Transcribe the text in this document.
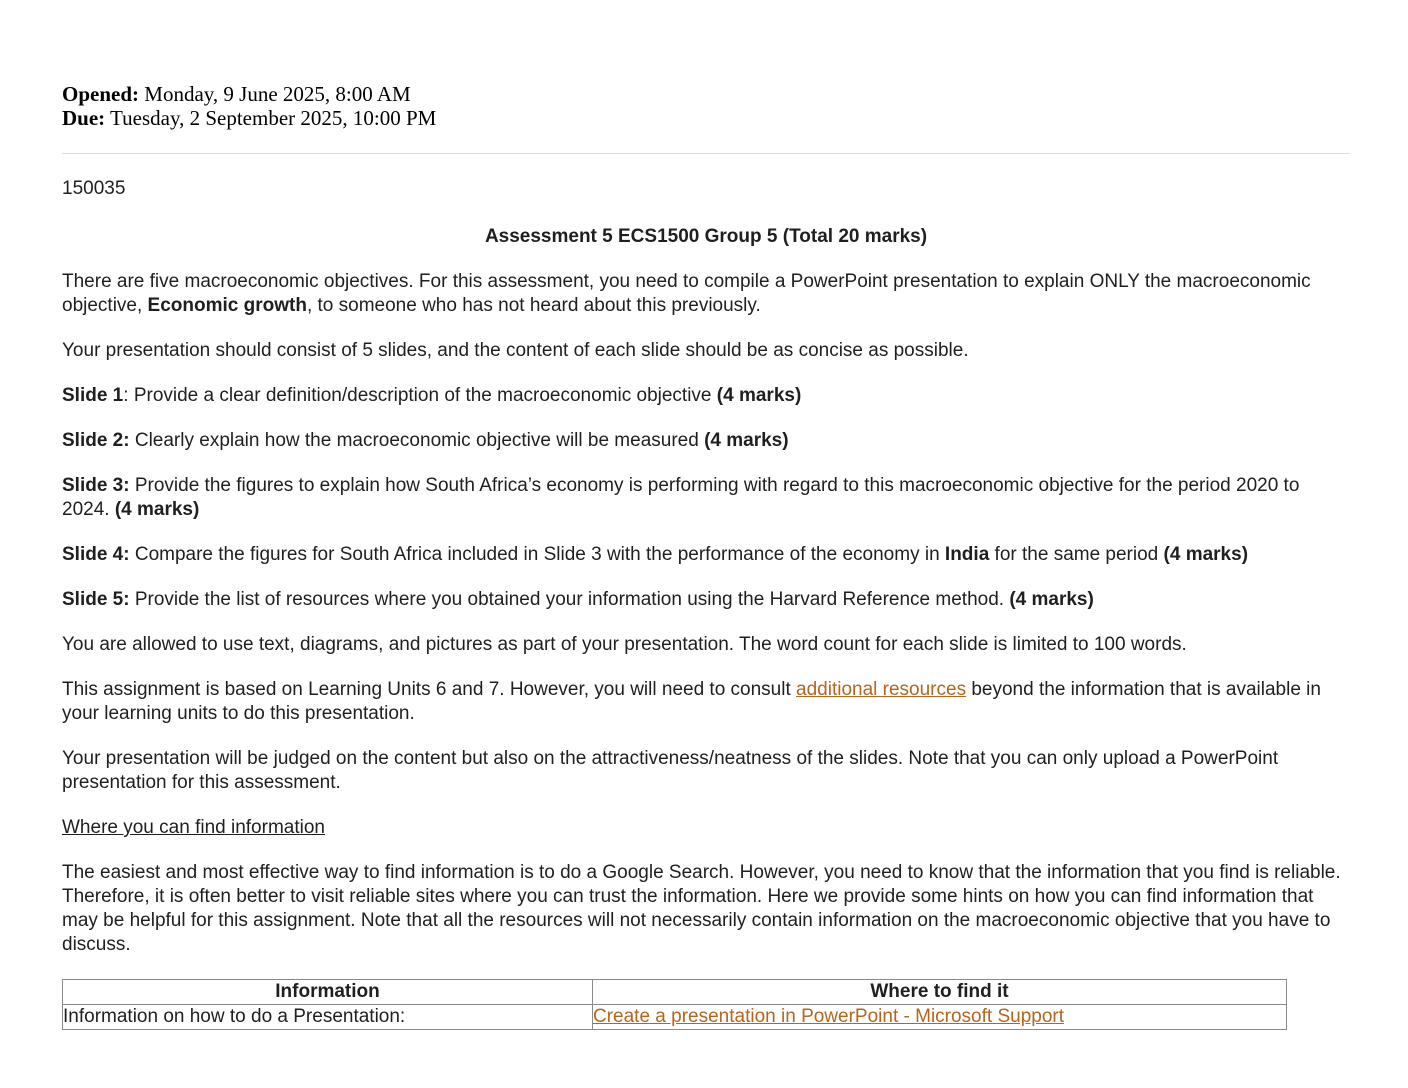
Opened: Monday, 9 June 2025, 8:00 AM
Due: Tuesday, 2 September 2025, 10:00 PM

150035

Assessment 5 ECS1500 Group 5 (Total 20 marks)

There are five macroeconomic objectives. For this assessment, you need to compile a PowerPoint presentation to explain ONLY the macroeconomic objective, Economic growth, to someone who has not heard about this previously.

Your presentation should consist of 5 slides, and the content of each slide should be as concise as possible.

Slide 1: Provide a clear definition/description of the macroeconomic objective (4 marks)

Slide 2: Clearly explain how the macroeconomic objective will be measured (4 marks)

Slide 3: Provide the figures to explain how South Africa’s economy is performing with regard to this macroeconomic objective for the period 2020 to 2024. (4 marks)

Slide 4: Compare the figures for South Africa included in Slide 3 with the performance of the economy in India for the same period (4 marks)

Slide 5: Provide the list of resources where you obtained your information using the Harvard Reference method. (4 marks)

You are allowed to use text, diagrams, and pictures as part of your presentation. The word count for each slide is limited to 100 words.

This assignment is based on Learning Units 6 and 7. However, you will need to consult additional resources beyond the information that is available in your learning units to do this presentation.

Your presentation will be judged on the content but also on the attractiveness/neatness of the slides. Note that you can only upload a PowerPoint presentation for this assessment.

Where you can find information

The easiest and most effective way to find information is to do a Google Search. However, you need to know that the information that you find is reliable. Therefore, it is often better to visit reliable sites where you can trust the information. Here we provide some hints on how you can find information that may be helpful for this assignment. Note that all the resources will not necessarily contain information on the macroeconomic objective that you have to discuss.

Information	Where to find it
Information on how to do a Presentation:	Create a presentation in PowerPoint - Microsoft Support
